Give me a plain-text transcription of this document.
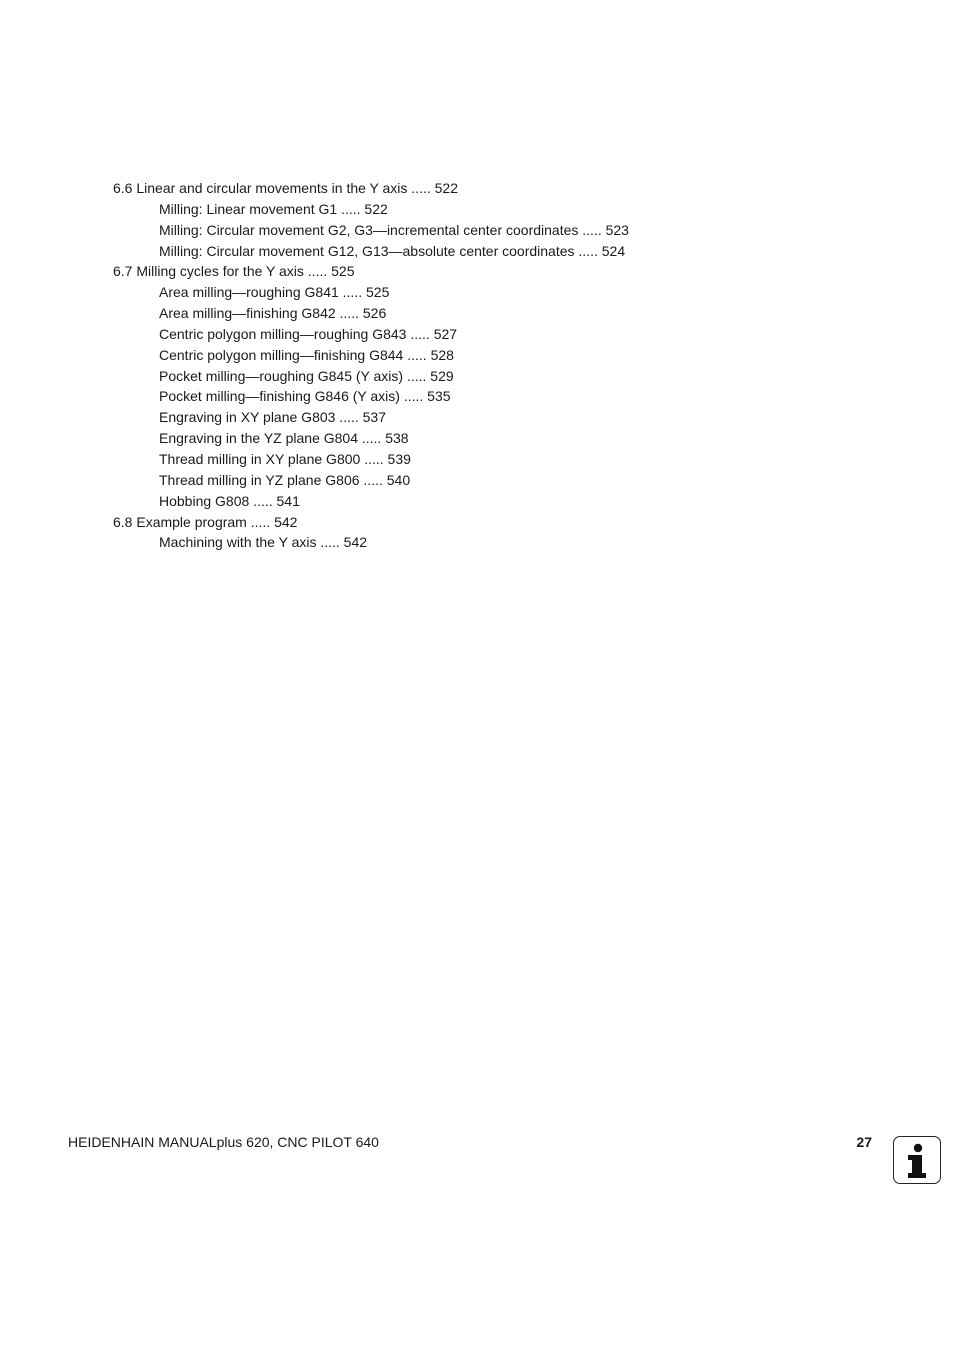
6.6 Linear and circular movements in the Y axis ..... 522
Milling: Linear movement G1 ..... 522
Milling: Circular movement G2, G3—incremental center coordinates ..... 523
Milling: Circular movement G12, G13—absolute center coordinates ..... 524
6.7 Milling cycles for the Y axis ..... 525
Area milling—roughing G841 ..... 525
Area milling—finishing G842 ..... 526
Centric polygon milling—roughing G843 ..... 527
Centric polygon milling—finishing G844 ..... 528
Pocket milling—roughing G845 (Y axis) ..... 529
Pocket milling—finishing G846 (Y axis) ..... 535
Engraving in XY plane G803 ..... 537
Engraving in the YZ plane G804 ..... 538
Thread milling in XY plane G800 ..... 539
Thread milling in YZ plane G806 ..... 540
Hobbing G808 ..... 541
6.8 Example program ..... 542
Machining with the Y axis ..... 542
HEIDENHAIN MANUALplus 620, CNC PILOT 640	27
